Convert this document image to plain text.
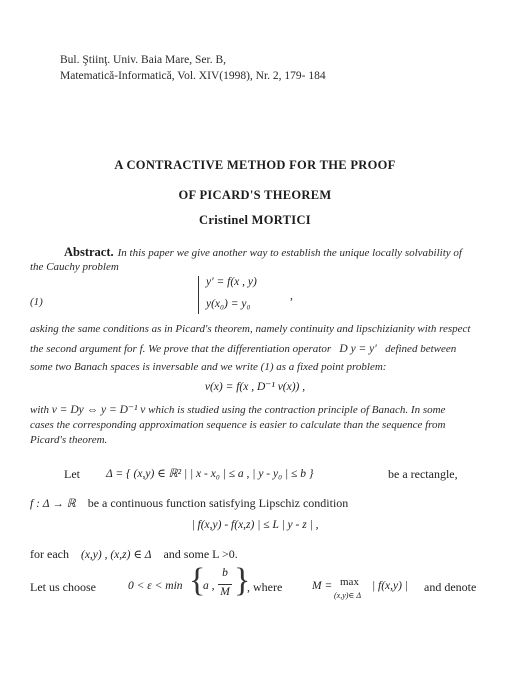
Bul. Ştiinţ. Univ. Baia Mare, Ser. B,
Matematică-Informatică, Vol. XIV(1998), Nr. 2, 179- 184
A CONTRACTIVE METHOD FOR THE PROOF
OF PICARD'S THEOREM
Cristinel MORTICI
Abstract. In this paper we give another way to establish the unique locally solvability of
the Cauchy problem
(1)
y′ = f(x , y)
y(x₀) = y₀
,
asking the same conditions as in Picard's theorem, namely continuity and lipschizianity with respect
the second argument for f. We prove that the differentiation operator D y = y′ defined between
some two Banach spaces is inversable and we write (1) as a fixed point problem:
v(x) = f(x , D⁻¹ v(x)) ,
with v = Dy ⇔ y = D⁻¹ v which is studied using the contraction principle of Banach. In some
cases the corresponding approximation sequence is easier to calculate than the sequence from
Picard's theorem.
Let Δ = { (x,y) ∈ ℝ² | | x - x₀ | ≤ a , | y - y₀ | ≤ b }	be a rectangle,
f : Δ → ℝ be a continuous function satisfying Lipschiz condition
| f(x,y) - f(x,z) | ≤ L | y - z | ,
for each (x,y) , (x,z) ∈ Δ and some L >0.
Let us choose	0 < ε < min {
a ,
b
M }
, where	M = max
(x,y)∈ Δ
| f(x,y) | and denote
